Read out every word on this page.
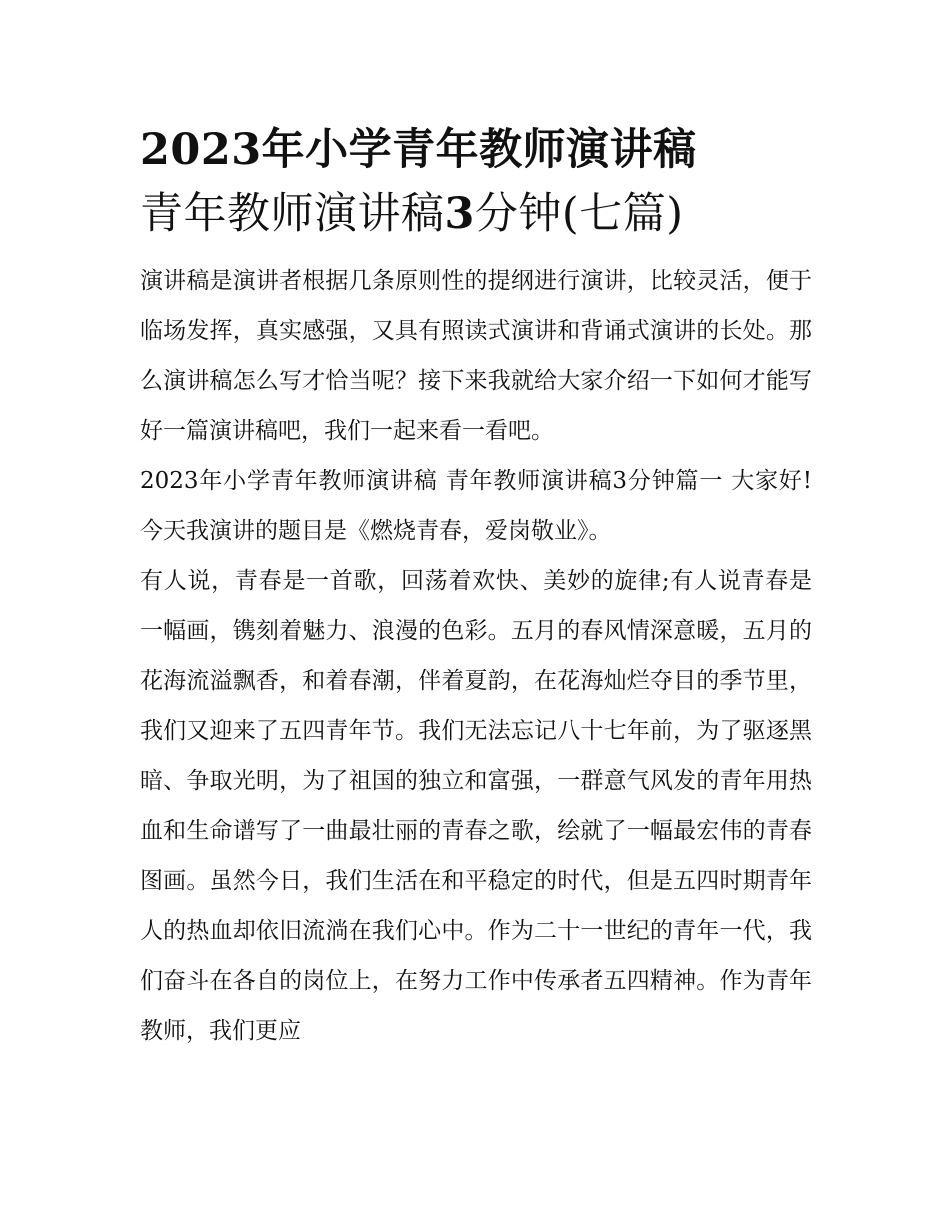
2023年小学青年教师演讲稿
青年教师演讲稿3分钟(七篇)

演讲稿是演讲者根据几条原则性的提纲进行演讲，比较灵活，便于临场发挥，真实感强，又具有照读式演讲和背诵式演讲的长处。那么演讲稿怎么写才恰当呢？接下来我就给大家介绍一下如何才能写好一篇演讲稿吧，我们一起来看一看吧。

2023年小学青年教师演讲稿 青年教师演讲稿3分钟篇一 大家好!今天我演讲的题目是《燃烧青春，爱岗敬业》。

有人说，青春是一首歌，回荡着欢快、美妙的旋律;有人说青春是一幅画，镌刻着魅力、浪漫的色彩。五月的春风情深意暖，五月的花海流溢飘香，和着春潮，伴着夏韵，在花海灿烂夺目的季节里，我们又迎来了五四青年节。我们无法忘记八十七年前，为了驱逐黑暗、争取光明，为了祖国的独立和富强，一群意气风发的青年用热血和生命谱写了一曲最壮丽的青春之歌，绘就了一幅最宏伟的青春图画。虽然今日，我们生活在和平稳定的时代，但是五四时期青年人的热血却依旧流淌在我们心中。作为二十一世纪的青年一代，我们奋斗在各自的岗位上，在努力工作中传承者五四精神。作为青年教师，我们更应
